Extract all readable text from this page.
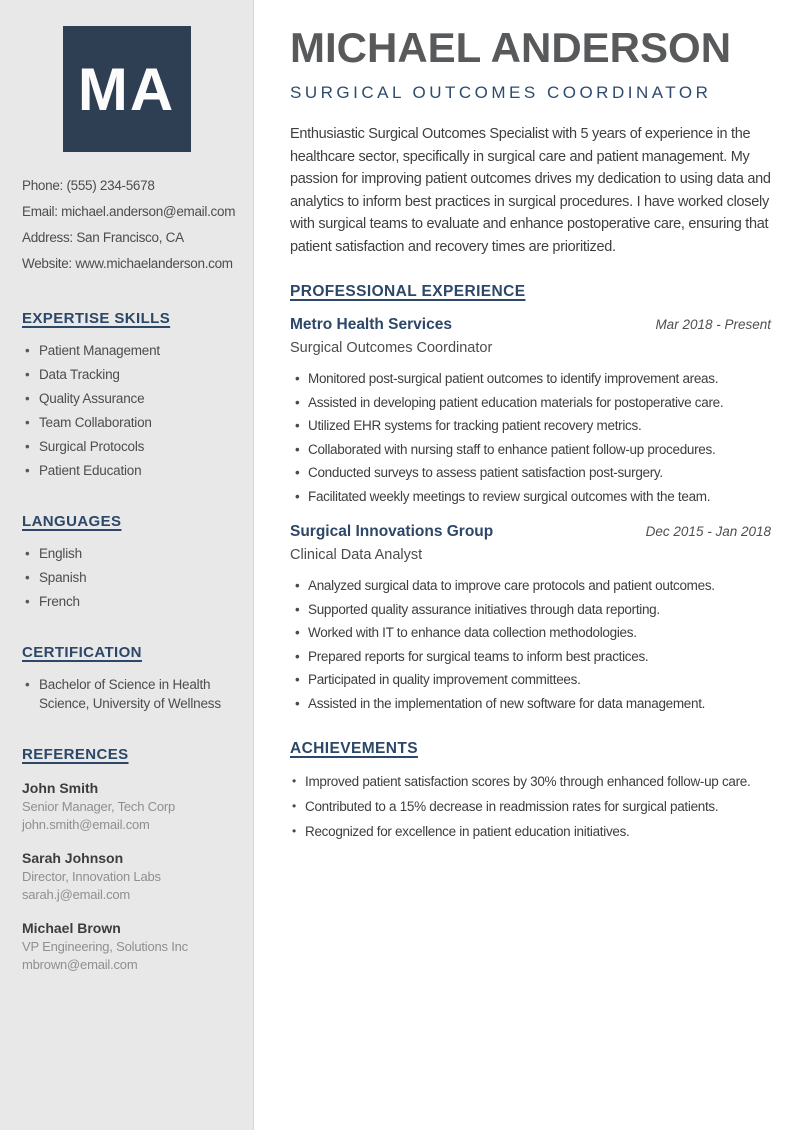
MA
Phone: (555) 234-5678
Email: michael.anderson@email.com
Address: San Francisco, CA
Website: www.michaelanderson.com
EXPERTISE SKILLS
• Patient Management
• Data Tracking
• Quality Assurance
• Team Collaboration
• Surgical Protocols
• Patient Education
LANGUAGES
• English
• Spanish
• French
CERTIFICATION
• Bachelor of Science in Health Science, University of Wellness
REFERENCES
John Smith
Senior Manager, Tech Corp
john.smith@email.com
Sarah Johnson
Director, Innovation Labs
sarah.j@email.com
Michael Brown
VP Engineering, Solutions Inc
mbrown@email.com
MICHAEL ANDERSON
SURGICAL OUTCOMES COORDINATOR

Enthusiastic Surgical Outcomes Specialist with 5 years of experience in the healthcare sector, specifically in surgical care and patient management. My passion for improving patient outcomes drives my dedication to using data and analytics to inform best practices in surgical procedures. I have worked closely with surgical teams to evaluate and enhance postoperative care, ensuring that patient satisfaction and recovery times are prioritized.

PROFESSIONAL EXPERIENCE
Metro Health Services	Mar 2018 - Present
Surgical Outcomes Coordinator
• Monitored post-surgical patient outcomes to identify improvement areas.
• Assisted in developing patient education materials for postoperative care.
• Utilized EHR systems for tracking patient recovery metrics.
• Collaborated with nursing staff to enhance patient follow-up procedures.
• Conducted surveys to assess patient satisfaction post-surgery.
• Facilitated weekly meetings to review surgical outcomes with the team.
Surgical Innovations Group	Dec 2015 - Jan 2018
Clinical Data Analyst
• Analyzed surgical data to improve care protocols and patient outcomes.
• Supported quality assurance initiatives through data reporting.
• Worked with IT to enhance data collection methodologies.
• Prepared reports for surgical teams to inform best practices.
• Participated in quality improvement committees.
• Assisted in the implementation of new software for data management.
ACHIEVEMENTS
• Improved patient satisfaction scores by 30% through enhanced follow-up care.
• Contributed to a 15% decrease in readmission rates for surgical patients.
• Recognized for excellence in patient education initiatives.
